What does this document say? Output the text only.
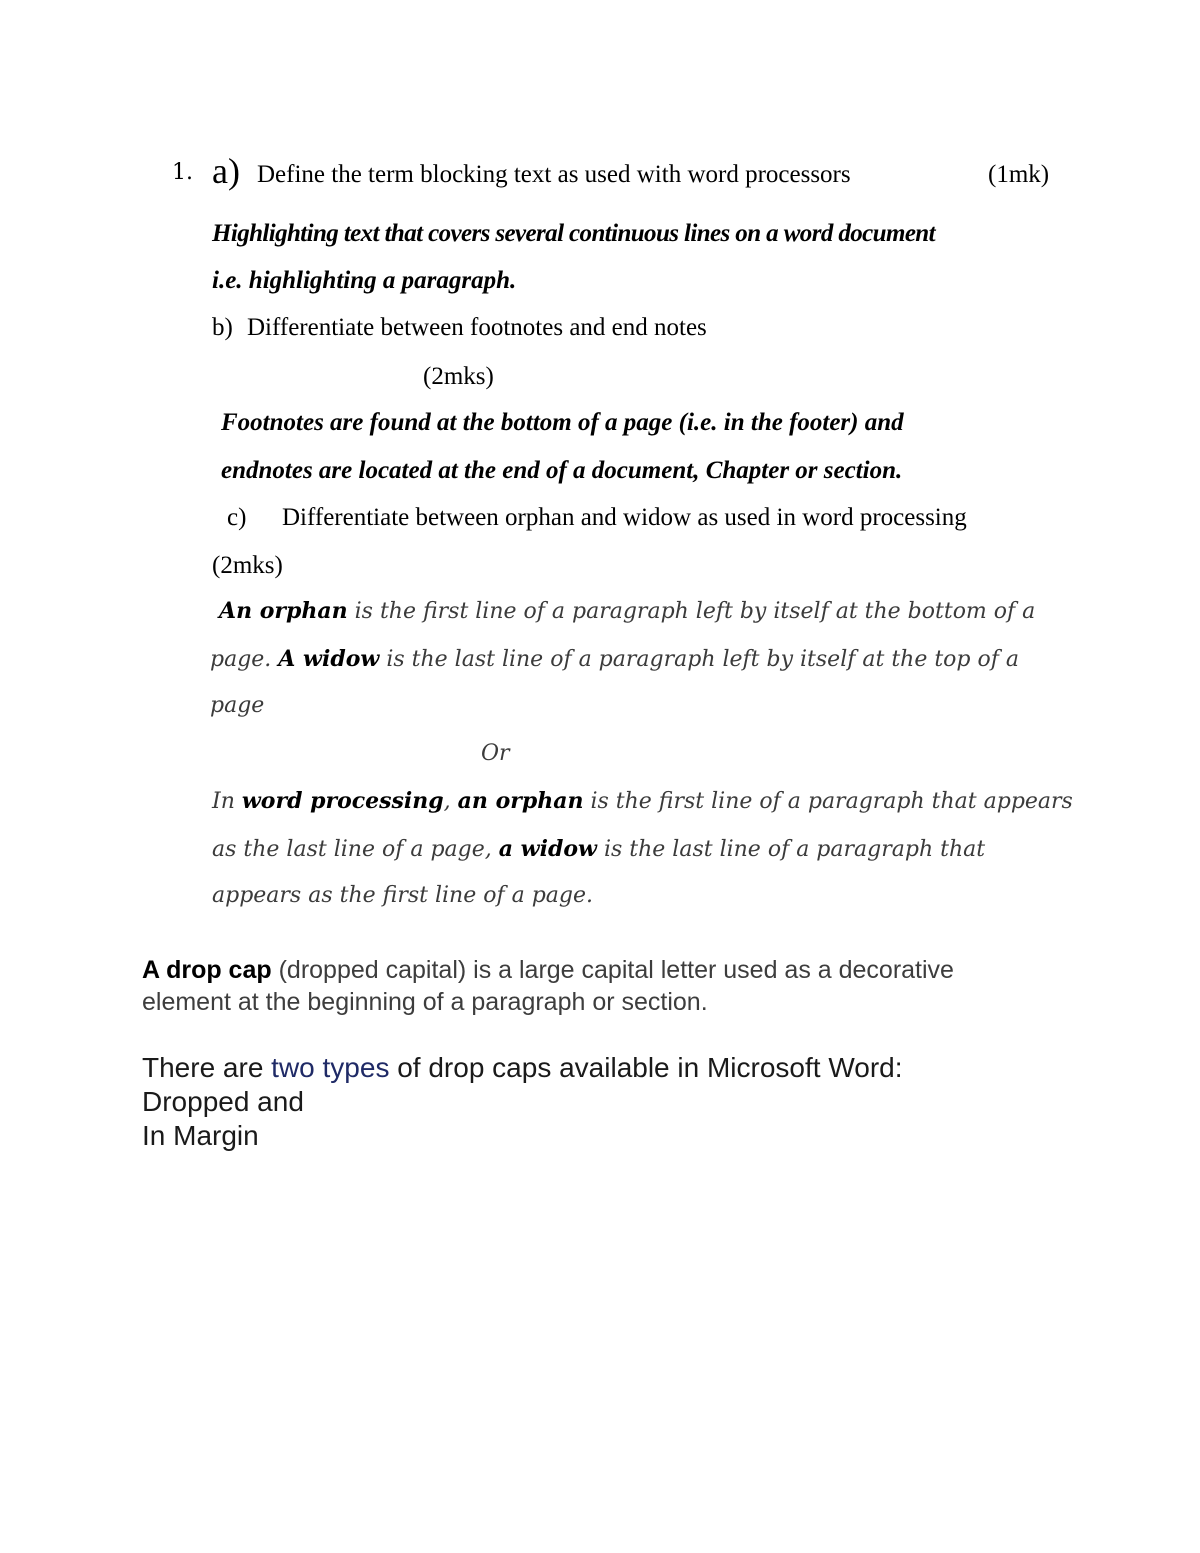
1. a) Define the term blocking text as used with word processors	(1mk)
Highlighting text that covers several continuous lines on a word document
i.e. highlighting a paragraph.
b) Differentiate between footnotes and end notes
(2mks)
Footnotes are found at the bottom of a page (i.e. in the footer) and
endnotes are located at the end of a document, Chapter or section.
c) Differentiate between orphan and widow as used in word processing
(2mks)
An orphan is the first line of a paragraph left by itself at the bottom of a
page. A widow is the last line of a paragraph left by itself at the top of a
page
Or
In word processing, an orphan is the first line of a paragraph that appears
as the last line of a page, a widow is the last line of a paragraph that
appears as the first line of a page.
A drop cap (dropped capital) is a large capital letter used as a decorative
element at the beginning of a paragraph or section.
There are two types of drop caps available in Microsoft Word:
Dropped and
In Margin
